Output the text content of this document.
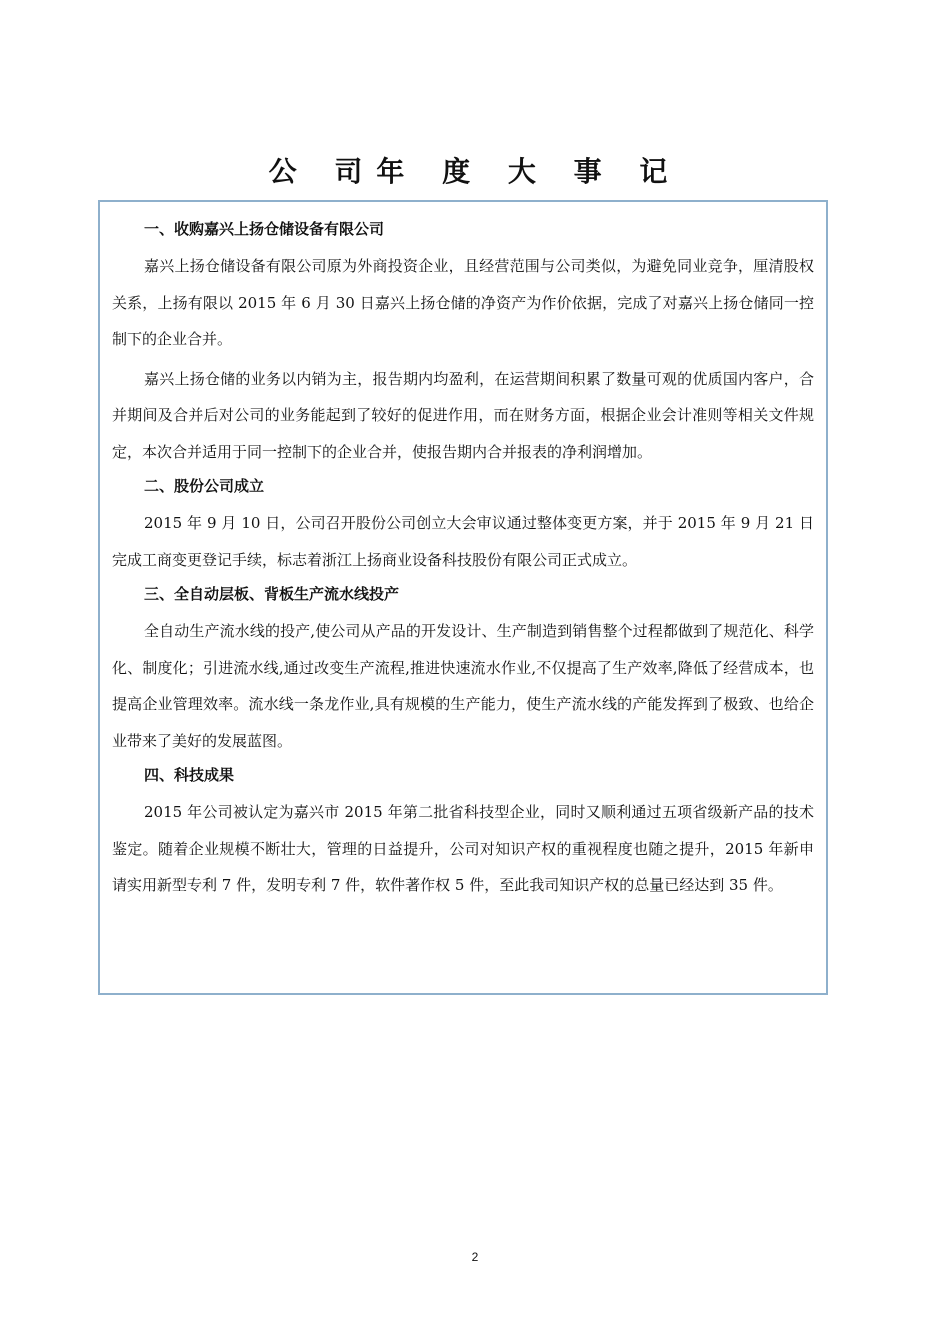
公 司年 度 大 事 记

一、收购嘉兴上扬仓储设备有限公司

嘉兴上扬仓储设备有限公司原为外商投资企业，且经营范围与公司类似，为避免同业竞争，厘清股权关系，上扬有限以 2015 年 6 月 30 日嘉兴上扬仓储的净资产为作价依据，完成了对嘉兴上扬仓储同一控制下的企业合并。

嘉兴上扬仓储的业务以内销为主，报告期内均盈利，在运营期间积累了数量可观的优质国内客户，合并期间及合并后对公司的业务能起到了较好的促进作用，而在财务方面，根据企业会计准则等相关文件规定，本次合并适用于同一控制下的企业合并，使报告期内合并报表的净利润增加。

二、股份公司成立

2015 年 9 月 10 日，公司召开股份公司创立大会审议通过整体变更方案，并于 2015 年 9 月 21 日完成工商变更登记手续，标志着浙江上扬商业设备科技股份有限公司正式成立。

三、全自动层板、背板生产流水线投产

全自动生产流水线的投产,使公司从产品的开发设计、生产制造到销售整个过程都做到了规范化、科学化、制度化；引进流水线,通过改变生产流程,推进快速流水作业,不仅提高了生产效率,降低了经营成本，也提高企业管理效率。流水线一条龙作业,具有规模的生产能力，使生产流水线的产能发挥到了极致、也给企业带来了美好的发展蓝图。

四、科技成果

2015 年公司被认定为嘉兴市 2015 年第二批省科技型企业，同时又顺利通过五项省级新产品的技术鉴定。随着企业规模不断壮大，管理的日益提升，公司对知识产权的重视程度也随之提升，2015 年新申请实用新型专利 7 件，发明专利 7 件，软件著作权 5 件，至此我司知识产权的总量已经达到 35 件。

2
